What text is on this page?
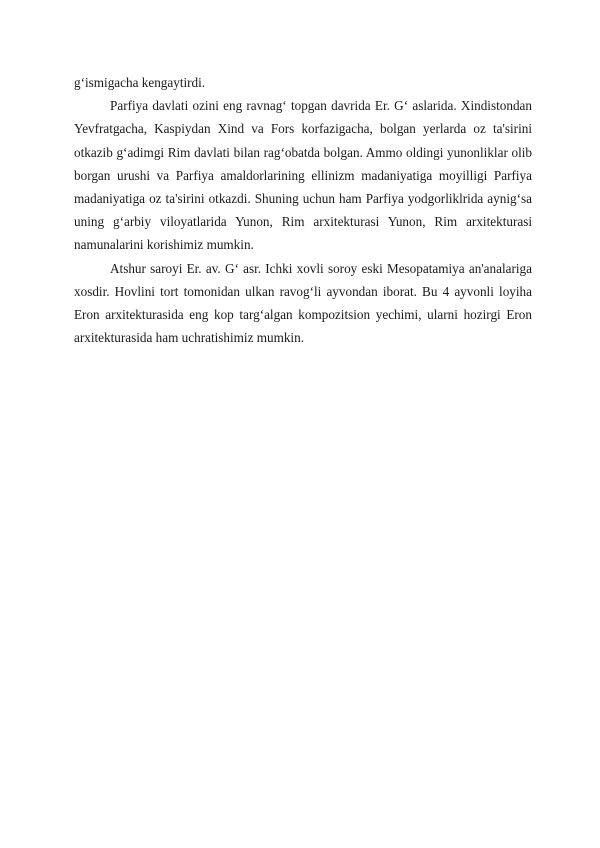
g‘ismigacha kengaytirdi.

Parfiya davlati ozini eng ravnag‘ topgan davrida Er. G‘ aslarida. Xindistondan Yevfratgacha, Kaspiydan Xind va Fors korfazigacha, bolgan yerlarda oz ta'sirini otkazib g‘adimgi Rim davlati bilan rag‘obatda bolgan. Ammo oldingi yunonliklar olib borgan urushi va Parfiya amaldorlarining ellinizm madaniyatiga moyilligi Parfiya madaniyatiga oz ta'sirini otkazdi. Shuning uchun ham Parfiya yodgorliklrida aynig‘sa uning g‘arbiy viloyatlarida Yunon, Rim arxitekturasi Yunon, Rim arxitekturasi namunalarini korishimiz mumkin.

Atshur saroyi Er. av. G‘ asr. Ichki xovli soroy eski Mesopatamiya an'analariga xosdir. Hovlini tort tomonidan ulkan ravog‘li ayvondan iborat. Bu 4 ayvonli loyiha Eron arxitekturasida eng kop targ‘algan kompozitsion yechimi, ularni hozirgi Eron arxitekturasida ham uchratishimiz mumkin.
